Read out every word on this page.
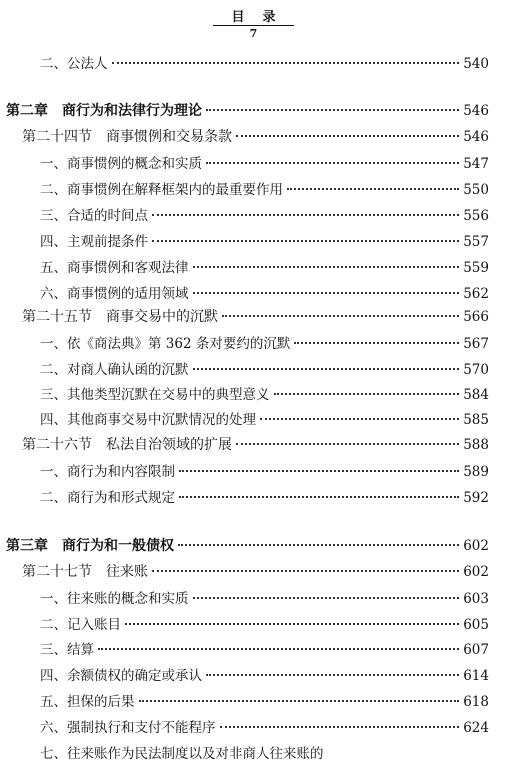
目录
7
二、公法人	540
第二章　商行为和法律行为理论	546
第二十四节　商事惯例和交易条款	546
一、商事惯例的概念和实质	547
二、商事惯例在解释框架内的最重要作用	550
三、合适的时间点	556
四、主观前提条件	557
五、商事惯例和客观法律	559
六、商事惯例的适用领域	562
第二十五节　商事交易中的沉默	566
一、依《商法典》第 362 条对要约的沉默	567
二、对商人确认函的沉默	570
三、其他类型沉默在交易中的典型意义	584
四、其他商事交易中沉默情况的处理	585
第二十六节　私法自治领域的扩展	588
一、商行为和内容限制	589
二、商行为和形式规定	592
第三章　商行为和一般债权	602
第二十七节　往来账	602
一、往来账的概念和实质	603
二、记入账目	605
三、结算	607
四、余额债权的确定或承认	614
五、担保的后果	618
六、强制执行和支付不能程序	624
七、往来账作为民法制度以及对非商人往来账的
